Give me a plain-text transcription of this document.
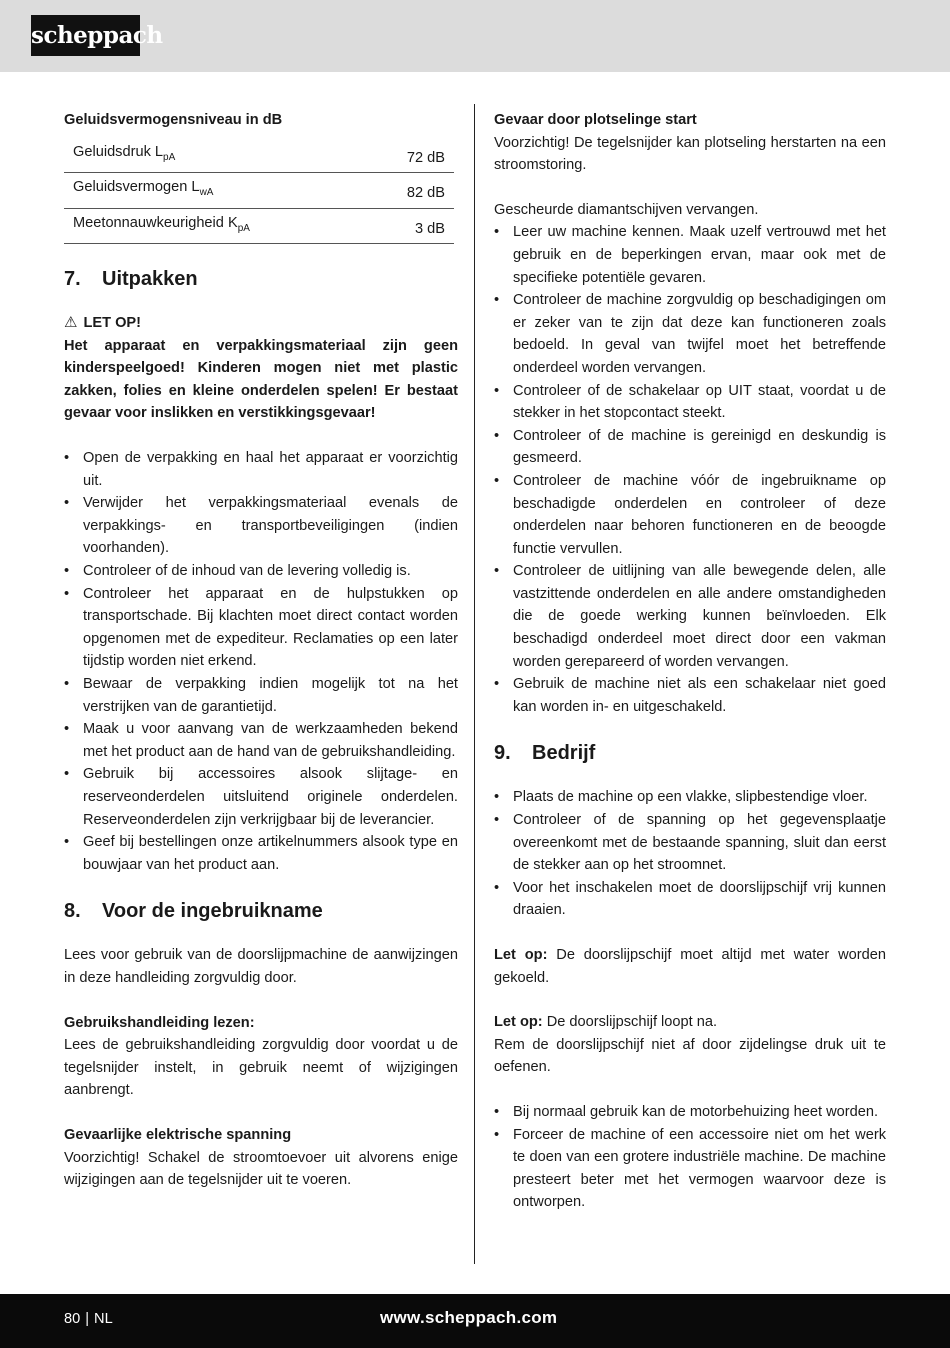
scheppach

Geluidsvermogensniveau in dB

Geluidsdruk $L_{pA}$	72 dB
Geluidsvermogen $L_{wA}$	82 dB
Meetonnauwkeurigheid $K_{pA}$	3 dB
7.	Uitpakken
⚠ LET OP!

Het apparaat en verpakkingsmateriaal zijn geen kinderspeelgoed! Kinderen mogen niet met plastic zakken, folies en kleine onderdelen spelen! Er bestaat gevaar voor inslikken en verstikkingsgevaar!

• Open de verpakking en haal het apparaat er voorzichtig uit.
• Verwijder het verpakkingsmateriaal evenals de verpakkings- en transportbeveiligingen (indien voorhanden).
• Controleer of de inhoud van de levering volledig is.
• Controleer het apparaat en de hulpstukken op transportschade. Bij klachten moet direct contact worden opgenomen met de expediteur. Reclamaties op een later tijdstip worden niet erkend.
• Bewaar de verpakking indien mogelijk tot na het verstrijken van de garantietijd.
• Maak u voor aanvang van de werkzaamheden bekend met het product aan de hand van de gebruikshandleiding.
• Gebruik bij accessoires alsook slijtage- en reserveonderdelen uitsluitend originele onderdelen. Reserveonderdelen zijn verkrijgbaar bij de leverancier.
• Geef bij bestellingen onze artikelnummers alsook type en bouwjaar van het product aan.
8.	Voor de ingebruikname

Lees voor gebruik van de doorslijpmachine de aanwijzingen in deze handleiding zorgvuldig door.

Gebruikshandleiding lezen:

Lees de gebruikshandleiding zorgvuldig door voordat u de tegelsnijder instelt, in gebruik neemt of wijzigingen aanbrengt.

Gevaarlijke elektrische spanning

Voorzichtig! Schakel de stroomtoevoer uit alvorens enige wijzigingen aan de tegelsnijder uit te voeren.

Gevaar door plotselinge start

Voorzichtig! De tegelsnijder kan plotseling herstarten na een stroomstoring.

Gescheurde diamantschijven vervangen.

• Leer uw machine kennen. Maak uzelf vertrouwd met het gebruik en de beperkingen ervan, maar ook met de specifieke potentiële gevaren.
• Controleer de machine zorgvuldig op beschadigingen om er zeker van te zijn dat deze kan functioneren zoals bedoeld. In geval van twijfel moet het betreffende onderdeel worden vervangen.
• Controleer of de schakelaar op UIT staat, voordat u de stekker in het stopcontact steekt.
• Controleer of de machine is gereinigd en deskundig is gesmeerd.
• Controleer de machine vóór de ingebruikname op beschadigde onderdelen en controleer of deze onderdelen naar behoren functioneren en de beoogde functie vervullen.
• Controleer de uitlijning van alle bewegende delen, alle vastzittende onderdelen en alle andere omstandigheden die de goede werking kunnen beïnvloeden. Elk beschadigd onderdeel moet direct door een vakman worden gerepareerd of worden vervangen.
• Gebruik de machine niet als een schakelaar niet goed kan worden in- en uitgeschakeld.
9.	Bedrijf
• Plaats de machine op een vlakke, slipbestendige vloer.
• Controleer of de spanning op het gegevensplaatje overeenkomt met de bestaande spanning, sluit dan eerst de stekker aan op het stroomnet.
• Voor het inschakelen moet de doorslijpschijf vrij kunnen draaien.

Let op: De doorslijpschijf moet altijd met water worden gekoeld.

Let op: De doorslijpschijf loopt na.

Rem de doorslijpschijf niet af door zijdelingse druk uit te oefenen.

• Bij normaal gebruik kan de motorbehuizing heet worden.
• Forceer de machine of een accessoire niet om het werk te doen van een grotere industriële machine. De machine presteert beter met het vermogen waarvoor deze is ontworpen.
80 | NL	www.scheppach.com
